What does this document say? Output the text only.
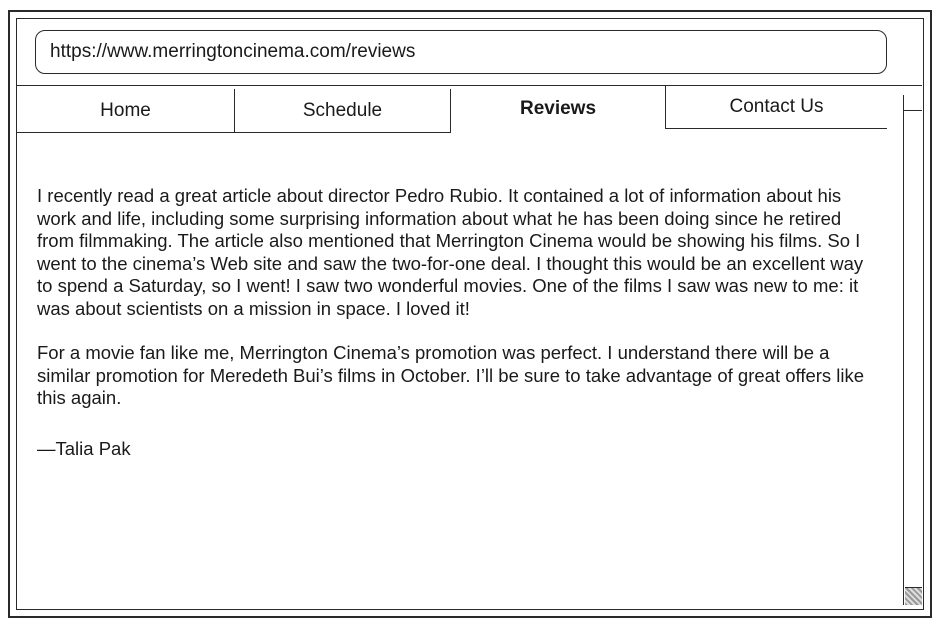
https://www.merringtoncinema.com/reviews
Home	Schedule	Reviews	Contact Us

I recently read a great article about director Pedro Rubio. It contained a lot of information about his work and life, including some surprising information about what he has been doing since he retired from filmmaking. The article also mentioned that Merrington Cinema would be showing his films. So I went to the cinema’s Web site and saw the two-for-one deal. I thought this would be an excellent way to spend a Saturday, so I went! I saw two wonderful movies. One of the films I saw was new to me: it was about scientists on a mission in space. I loved it!

For a movie fan like me, Merrington Cinema’s promotion was perfect. I understand there will be a similar promotion for Meredeth Bui’s films in October. I’ll be sure to take advantage of great offers like this again.

—Talia Pak
